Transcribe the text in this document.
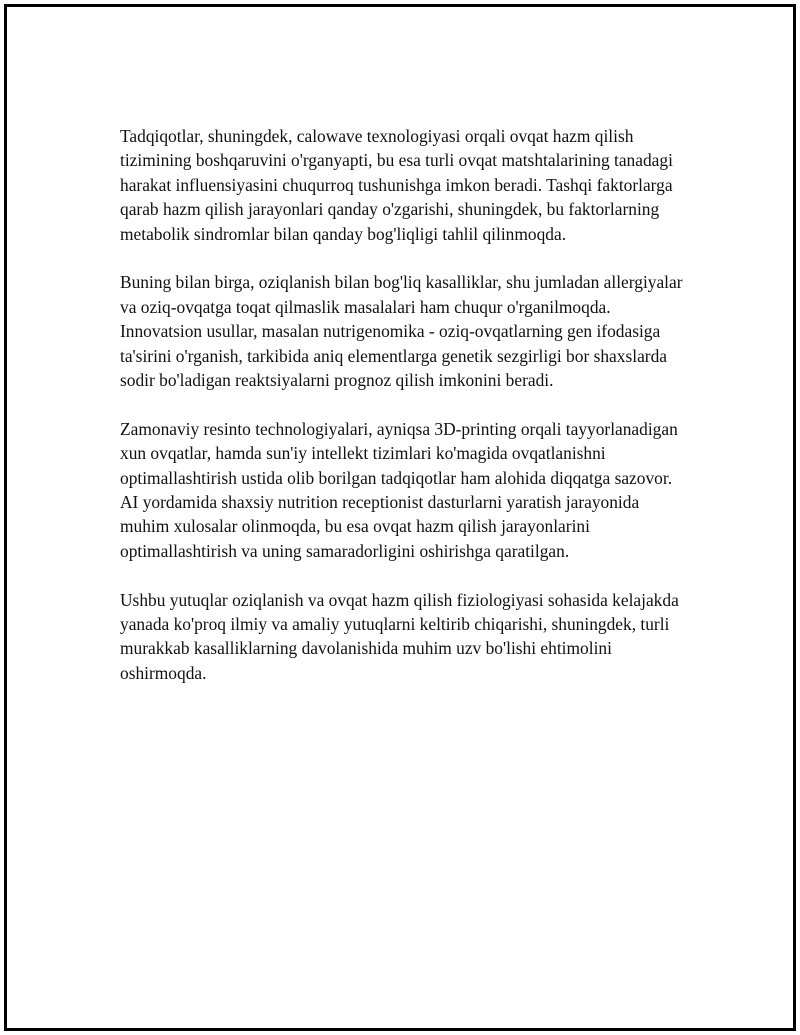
Tadqiqotlar, shuningdek, calowave texnologiyasi orqali ovqat hazm qilish tizimining boshqaruvini o'rganyapti, bu esa turli ovqat matshtalarining tanadagi harakat influensiyasini chuqurroq tushunishga imkon beradi. Tashqi faktorlarga qarab hazm qilish jarayonlari qanday o'zgarishi, shuningdek, bu faktorlarning metabolik sindromlar bilan qanday bog'liqligi tahlil qilinmoqda.

Buning bilan birga, oziqlanish bilan bog'liq kasalliklar, shu jumladan allergiyalar va oziq-ovqatga toqat qilmaslik masalalari ham chuqur o'rganilmoqda. Innovatsion usullar, masalan nutrigenomika - oziq-ovqatlarning gen ifodasiga ta'sirini o'rganish, tarkibida aniq elementlarga genetik sezgirligi bor shaxslarda sodir bo'ladigan reaktsiyalarni prognoz qilish imkonini beradi.

Zamonaviy resinto technologiyalari, ayniqsa 3D-printing orqali tayyorlanadigan xun ovqatlar, hamda sun'iy intellekt tizimlari ko'magida ovqatlanishni optimallashtirish ustida olib borilgan tadqiqotlar ham alohida diqqatga sazovor. AI yordamida shaxsiy nutrition receptionist dasturlarni yaratish jarayonida muhim xulosalar olinmoqda, bu esa ovqat hazm qilish jarayonlarini optimallashtirish va uning samaradorligini oshirishga qaratilgan.

Ushbu yutuqlar oziqlanish va ovqat hazm qilish fiziologiyasi sohasida kelajakda yanada ko'proq ilmiy va amaliy yutuqlarni keltirib chiqarishi, shuningdek, turli murakkab kasalliklarning davolanishida muhim uzv bo'lishi ehtimolini oshirmoqda.
